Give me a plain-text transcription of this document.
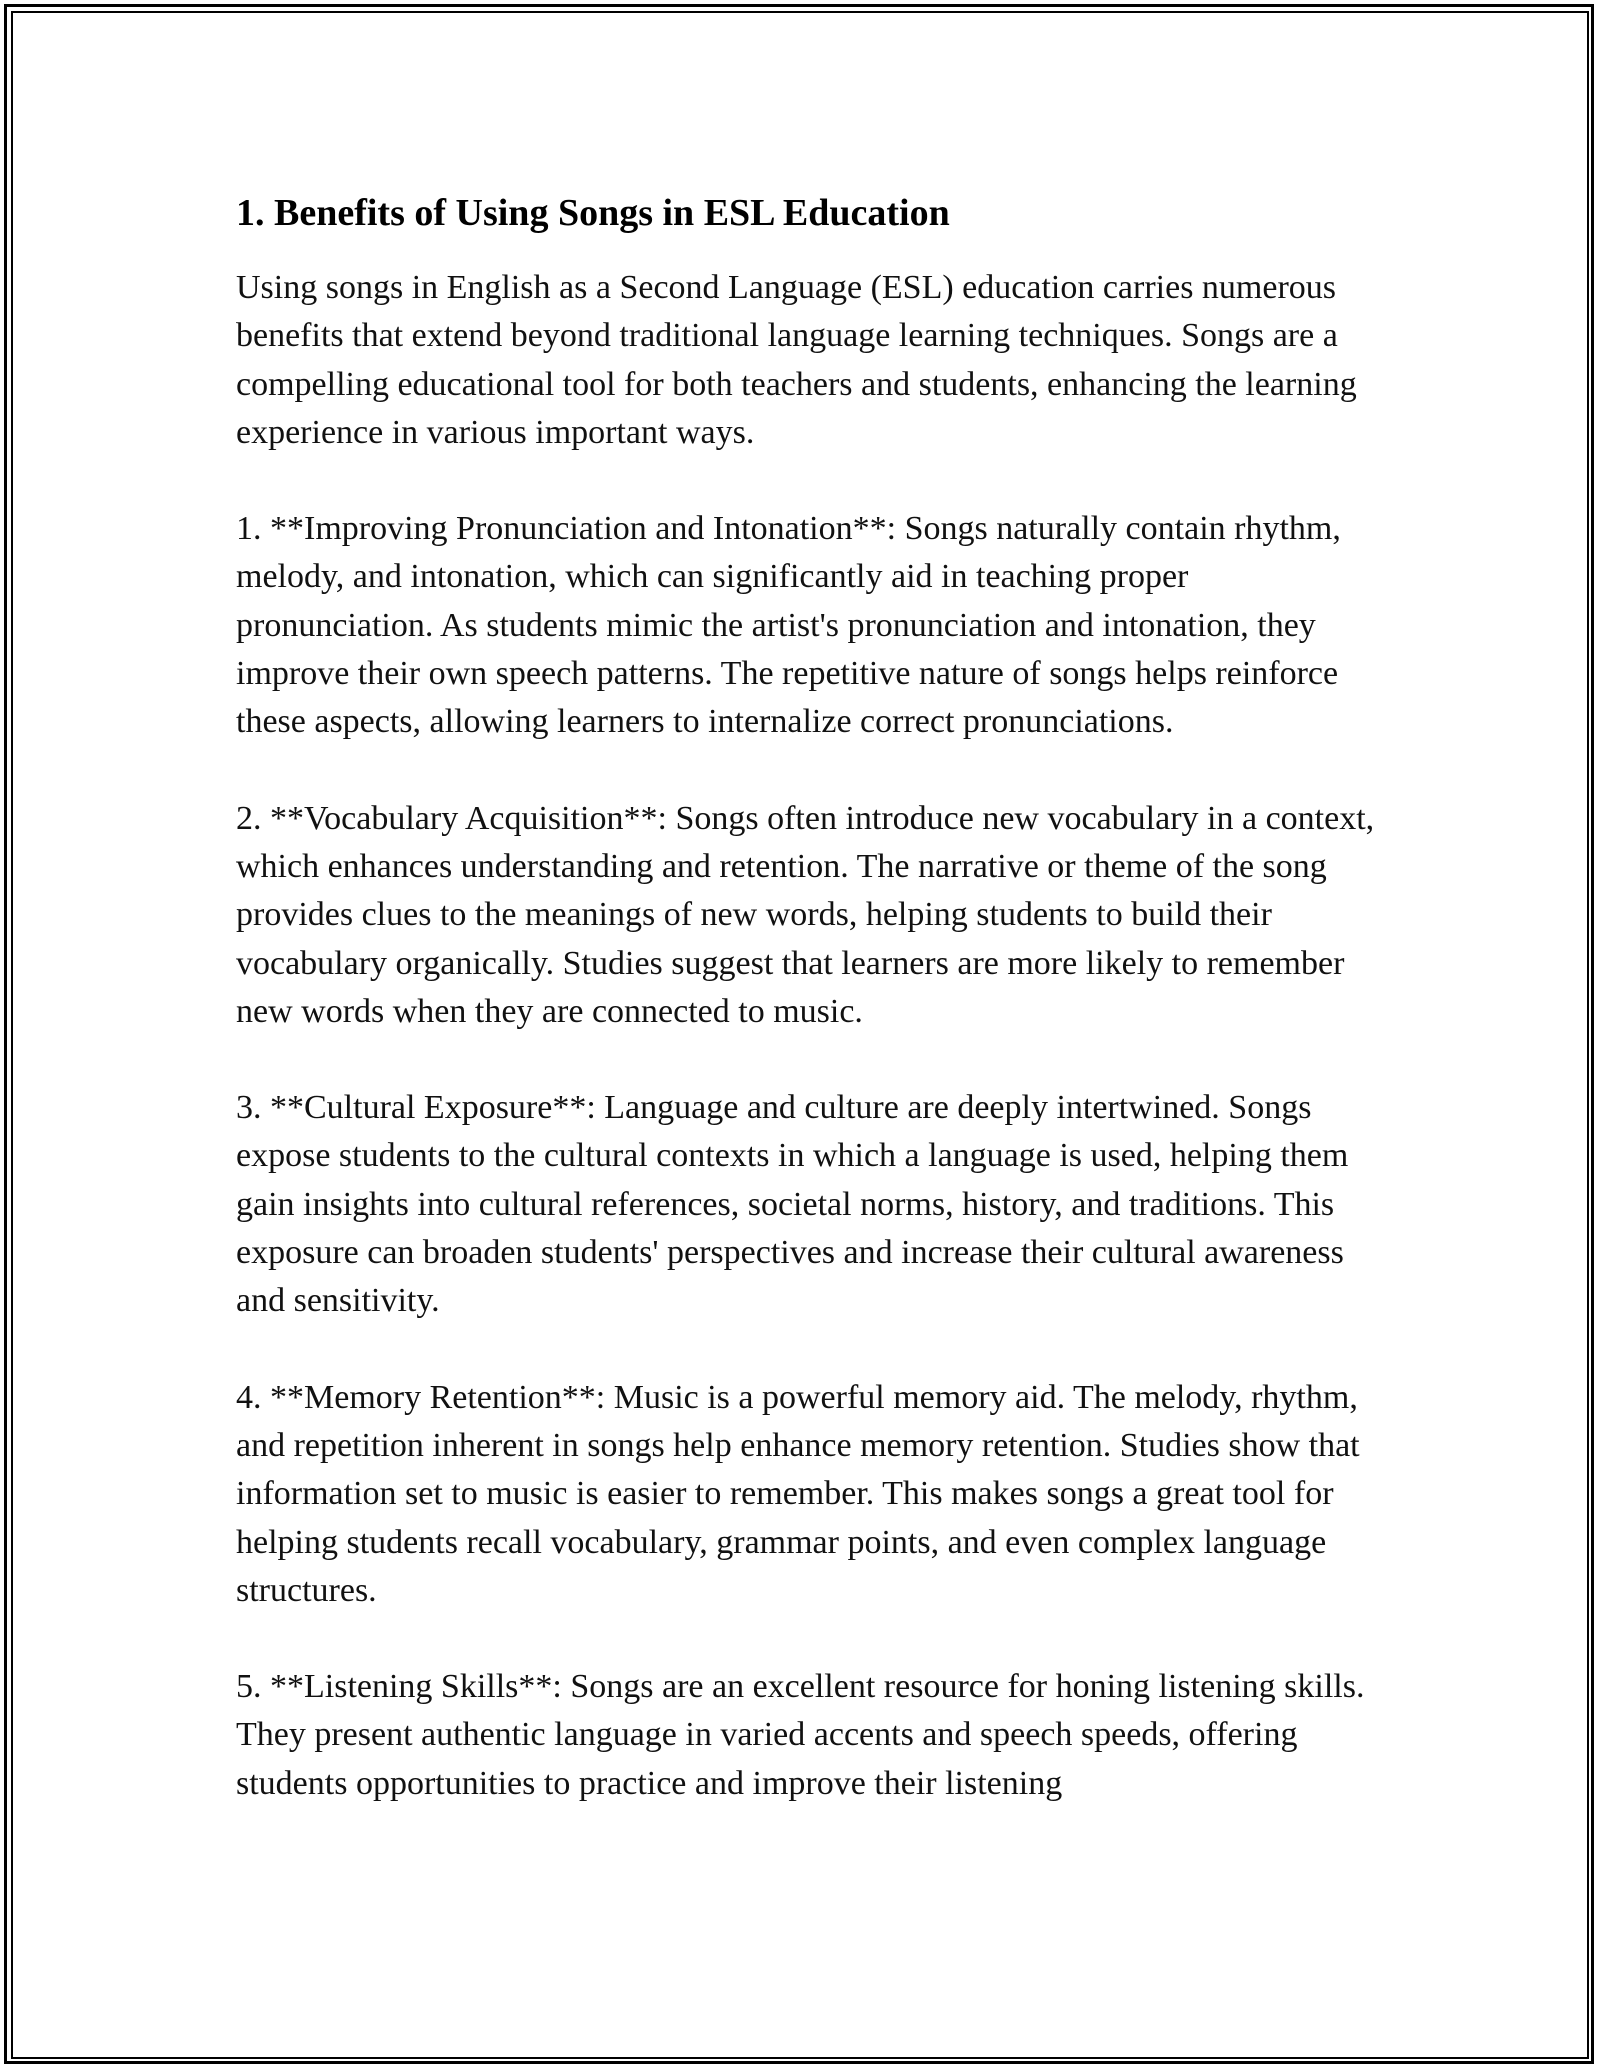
1. Benefits of Using Songs in ESL Education

Using songs in English as a Second Language (ESL) education carries numerous benefits that extend beyond traditional language learning techniques. Songs are a compelling educational tool for both teachers and students, enhancing the learning experience in various important ways.

1. **Improving Pronunciation and Intonation**: Songs naturally contain rhythm, melody, and intonation, which can significantly aid in teaching proper pronunciation. As students mimic the artist's pronunciation and intonation, they improve their own speech patterns. The repetitive nature of songs helps reinforce these aspects, allowing learners to internalize correct pronunciations.

2. **Vocabulary Acquisition**: Songs often introduce new vocabulary in a context, which enhances understanding and retention. The narrative or theme of the song provides clues to the meanings of new words, helping students to build their vocabulary organically. Studies suggest that learners are more likely to remember new words when they are connected to music.

3. **Cultural Exposure**: Language and culture are deeply intertwined. Songs expose students to the cultural contexts in which a language is used, helping them gain insights into cultural references, societal norms, history, and traditions. This exposure can broaden students' perspectives and increase their cultural awareness and sensitivity.

4. **Memory Retention**: Music is a powerful memory aid. The melody, rhythm, and repetition inherent in songs help enhance memory retention. Studies show that information set to music is easier to remember. This makes songs a great tool for helping students recall vocabulary, grammar points, and even complex language structures.

5. **Listening Skills**: Songs are an excellent resource for honing listening skills. They present authentic language in varied accents and speech speeds, offering students opportunities to practice and improve their listening
